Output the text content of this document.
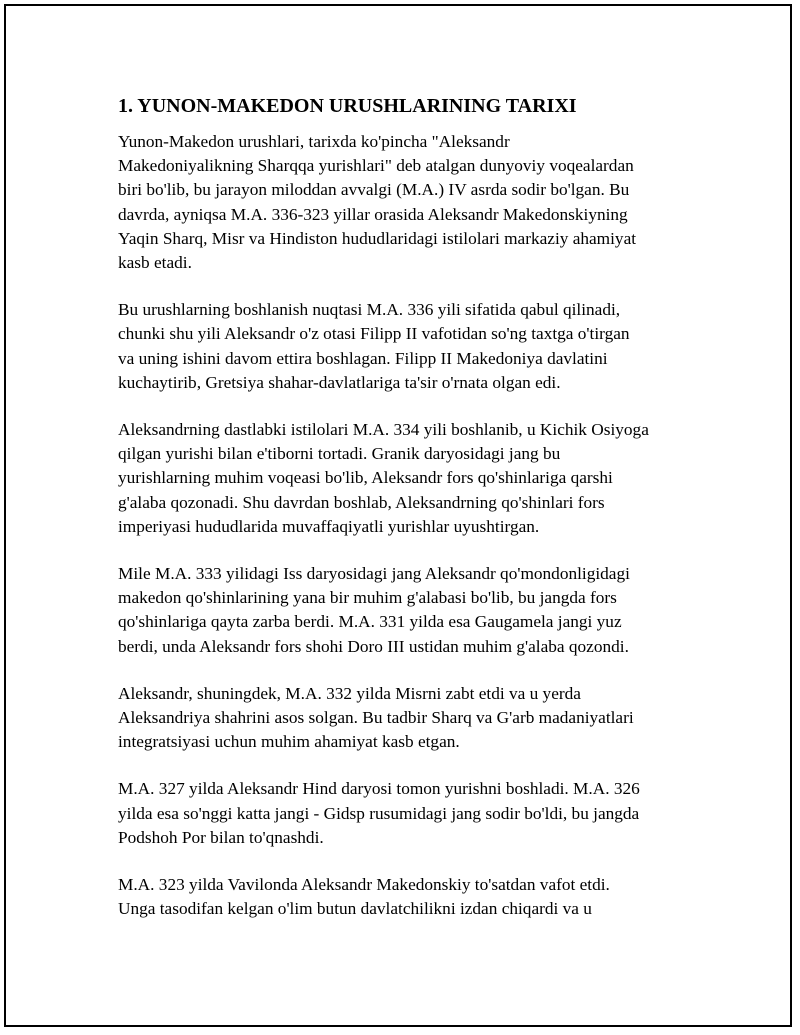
1. YUNON-MAKEDON URUSHLARINING TARIXI
Yunon-Makedon urushlari, tarixda ko'pincha "Aleksandr
Makedoniyalikning Sharqqa yurishlari" deb atalgan dunyoviy voqealardan
biri bo'lib, bu jarayon miloddan avvalgi (M.A.) IV asrda sodir bo'lgan. Bu
davrda, ayniqsa M.A. 336-323 yillar orasida Aleksandr Makedonskiyning
Yaqin Sharq, Misr va Hindiston hududlaridagi istilolari markaziy ahamiyat
kasb etadi.
Bu urushlarning boshlanish nuqtasi M.A. 336 yili sifatida qabul qilinadi,
chunki shu yili Aleksandr o'z otasi Filipp II vafotidan so'ng taxtga o'tirgan
va uning ishini davom ettira boshlagan. Filipp II Makedoniya davlatini
kuchaytirib, Gretsiya shahar-davlatlariga ta'sir o'rnata olgan edi.
Aleksandrning dastlabki istilolari M.A. 334 yili boshlanib, u Kichik Osiyoga
qilgan yurishi bilan e'tiborni tortadi. Granik daryosidagi jang bu
yurishlarning muhim voqeasi bo'lib, Aleksandr fors qo'shinlariga qarshi
g'alaba qozonadi. Shu davrdan boshlab, Aleksandrning qo'shinlari fors
imperiyasi hududlarida muvaffaqiyatli yurishlar uyushtirgan.
Mile M.A. 333 yilidagi Iss daryosidagi jang Aleksandr qo'mondonligidagi
makedon qo'shinlarining yana bir muhim g'alabasi bo'lib, bu jangda fors
qo'shinlariga qayta zarba berdi. M.A. 331 yilda esa Gaugamela jangi yuz
berdi, unda Aleksandr fors shohi Doro III ustidan muhim g'alaba qozondi.
Aleksandr, shuningdek, M.A. 332 yilda Misrni zabt etdi va u yerda
Aleksandriya shahrini asos solgan. Bu tadbir Sharq va G'arb madaniyatlari
integratsiyasi uchun muhim ahamiyat kasb etgan.
M.A. 327 yilda Aleksandr Hind daryosi tomon yurishni boshladi. M.A. 326
yilda esa so'nggi katta jangi - Gidsp rusumidagi jang sodir bo'ldi, bu jangda
Podshoh Por bilan to'qnashdi.
M.A. 323 yilda Vavilonda Aleksandr Makedonskiy to'satdan vafot etdi.
Unga tasodifan kelgan o'lim butun davlatchilikni izdan chiqardi va u
